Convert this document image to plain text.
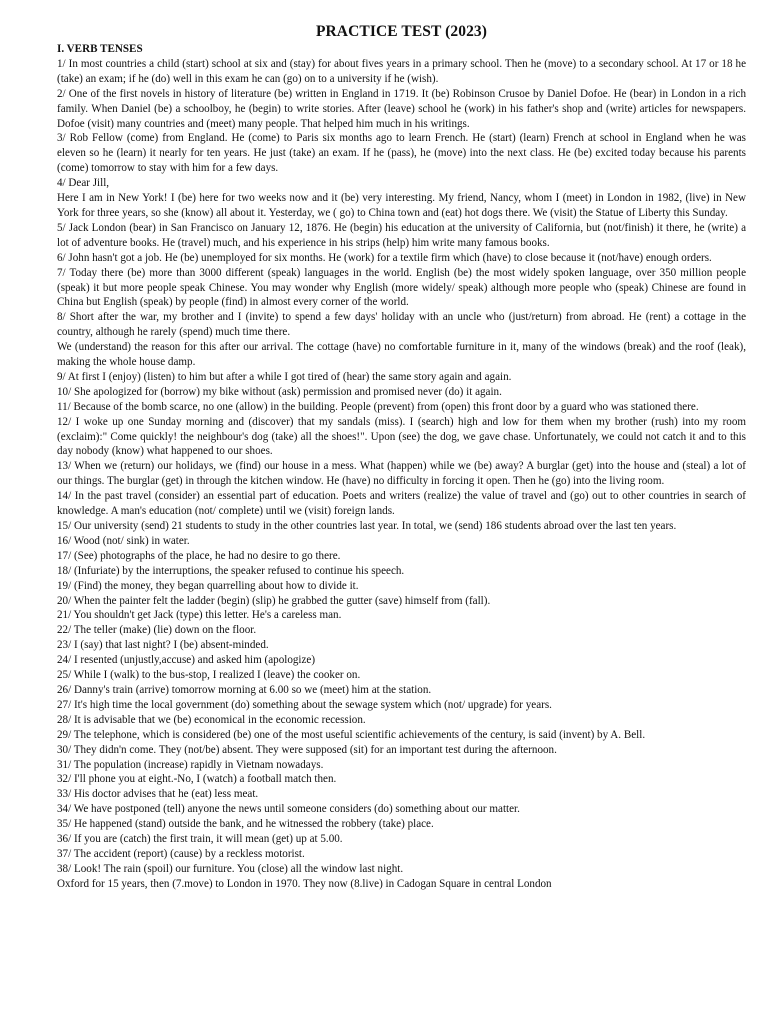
PRACTICE TEST (2023)
I. VERB TENSES
1/ In most countries a child (start) school at six and (stay) for about fives years in a primary school. Then he (move) to a secondary school. At 17 or 18 he (take) an exam; if he (do) well in this exam he can (go) on to a university if he (wish).
2/ One of the first novels in history of literature (be) written in England in 1719. It (be) Robinson Crusoe by Daniel Dofoe. He (bear) in London in a rich family. When Daniel (be) a schoolboy, he (begin) to write stories. After (leave) school he (work) in his father's shop and (write) articles for newspapers. Dofoe (visit) many countries and (meet) many people. That helped him much in his writings.
3/ Rob Fellow (come) from England. He (come) to Paris six months ago to learn French. He (start) (learn) French at school in England when he was eleven so he (learn) it nearly for ten years. He just (take) an exam. If he (pass), he (move) into the next class. He (be) excited today because his parents (come) tomorrow to stay with him for a few days.
4/ Dear Jill,
Here I am in New York! I (be) here for two weeks now and it (be) very interesting. My friend, Nancy, whom I (meet) in London in 1982, (live) in New York for three years, so she (know) all about it. Yesterday, we ( go) to China town and (eat) hot dogs there. We (visit) the Statue of Liberty this Sunday.
5/ Jack London (bear) in San Francisco on January 12, 1876. He (begin) his education at the university of California, but (not/finish) it there, he (write) a lot of adventure books. He (travel) much, and his experience in his strips (help) him write many famous books.
6/ John hasn't got a job. He (be) unemployed for six months. He (work) for a textile firm which (have) to close because it (not/have) enough orders.
7/ Today there (be) more than 3000 different (speak) languages in the world. English (be) the most widely spoken language, over 350 million people (speak) it but more people speak Chinese. You may wonder why English (more widely/ speak) although more people who (speak) Chinese are found in China but English (speak) by people (find) in almost every corner of the world.
8/ Short after the war, my brother and I (invite) to spend a few days' holiday with an uncle who (just/return) from abroad. He (rent) a cottage in the country, although he rarely (spend) much time there.
We (understand) the reason for this after our arrival. The cottage (have) no comfortable furniture in it, many of the windows (break) and the roof (leak), making the whole house damp.
9/ At first I (enjoy) (listen) to him but after a while I got tired of (hear) the same story again and again.
10/ She apologized for (borrow) my bike without (ask) permission and promised never (do) it again.
11/ Because of the bomb scarce, no one (allow) in the building. People (prevent) from (open) this front door by a guard who was stationed there.
12/ I woke up one Sunday morning and (discover) that my sandals (miss). I (search) high and low for them when my brother (rush) into my room (exclaim):" Come quickly! the neighbour's dog (take) all the shoes!". Upon (see) the dog, we gave chase. Unfortunately, we could not catch it and to this day nobody (know) what happened to our shoes.
13/ When we (return) our holidays, we (find) our house in a mess. What (happen) while we (be) away? A burglar (get) into the house and (steal) a lot of our things. The burglar (get) in through the kitchen window. He (have) no difficulty in forcing it open. Then he (go) into the living room.
14/ In the past travel (consider) an essential part of education. Poets and writers (realize) the value of travel and (go) out to other countries in search of knowledge. A man's education (not/ complete) until we (visit) foreign lands.
15/ Our university (send) 21 students to study in the other countries last year. In total, we (send) 186 students abroad over the last ten years.
16/ Wood (not/ sink) in water.
17/ (See) photographs of the place, he had no desire to go there.
18/ (Infuriate) by the interruptions, the speaker refused to continue his speech.
19/ (Find) the money, they began quarrelling about how to divide it.
20/ When the painter felt the ladder (begin) (slip) he grabbed the gutter (save) himself from (fall).
21/ You shouldn't get Jack (type) this letter. He's a careless man.
22/ The teller (make) (lie) down on the floor.
23/ I (say) that last night? I (be) absent-minded.
24/ I resented (unjustly,accuse) and asked him (apologize)
25/ While I (walk) to the bus-stop, I realized I (leave) the cooker on.
26/ Danny's train (arrive) tomorrow morning at 6.00 so we (meet) him at the station.
27/ It's high time the local government (do) something about the sewage system which (not/ upgrade) for years.
28/ It is advisable that we (be) economical in the economic recession.
29/ The telephone, which is considered (be) one of the most useful scientific achievements of the century, is said (invent) by A. Bell.
30/ They didn'n come. They (not/be) absent. They were supposed (sit) for an important test during the afternoon.
31/ The population (increase) rapidly in Vietnam nowadays.
32/ I'll phone you at eight.-No, I (watch) a football match then.
33/ His doctor advises that he (eat) less meat.
34/ We have postponed (tell) anyone the news until someone considers (do) something about our matter.
35/ He happened (stand) outside the bank, and he witnessed the robbery (take) place.
36/ If you are (catch) the first train, it will mean (get) up at 5.00.
37/ The accident (report) (cause) by a reckless motorist.
38/ Look! The rain (spoil) our furniture. You (close) all the window last night.
Oxford for 15 years, then (7.move) to London in 1970. They now (8.live) in Cadogan Square in central London
